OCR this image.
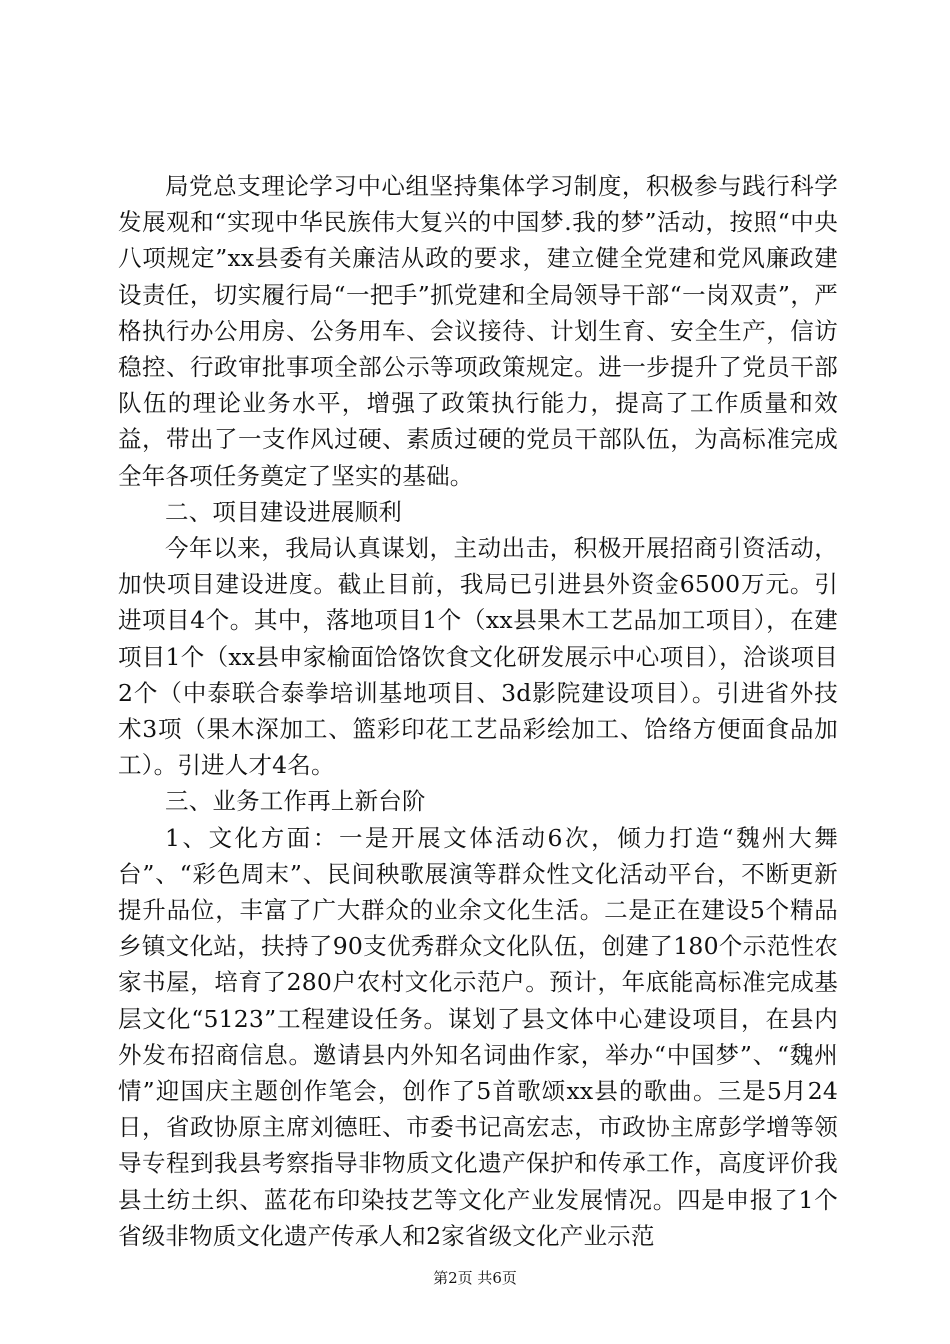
局党总支理论学习中心组坚持集体学习制度，积极参与践行科学发展观和“实现中华民族伟大复兴的中国梦.我的梦”活动，按照“中央八项规定”xx县委有关廉洁从政的要求，建立健全党建和党风廉政建设责任，切实履行局“一把手”抓党建和全局领导干部“一岗双责”，严格执行办公用房、公务用车、会议接待、计划生育、安全生产，信访稳控、行政审批事项全部公示等项政策规定。进一步提升了党员干部队伍的理论业务水平，增强了政策执行能力，提高了工作质量和效益，带出了一支作风过硬、素质过硬的党员干部队伍，为高标准完成全年各项任务奠定了坚实的基础。

二、项目建设进展顺利

今年以来，我局认真谋划，主动出击，积极开展招商引资活动，加快项目建设进度。截止目前，我局已引进县外资金6500万元。引进项目4个。其中，落地项目1个（xx县果木工艺品加工项目），在建项目1个（xx县申家榆面饸饹饮食文化研发展示中心项目），洽谈项目2个（中泰联合泰拳培训基地项目、3d影院建设项目）。引进省外技术3项（果木深加工、篮彩印花工艺品彩绘加工、饸络方便面食品加工）。引进人才4名。

三、业务工作再上新台阶

1、文化方面：一是开展文体活动6次，倾力打造“魏州大舞台”、“彩色周末”、民间秧歌展演等群众性文化活动平台，不断更新提升品位，丰富了广大群众的业余文化生活。二是正在建设5个精品乡镇文化站，扶持了90支优秀群众文化队伍，创建了180个示范性农家书屋，培育了280户农村文化示范户。预计，年底能高标准完成基层文化“5123”工程建设任务。谋划了县文体中心建设项目，在县内外发布招商信息。邀请县内外知名词曲作家，举办“中国梦”、“魏州情”迎国庆主题创作笔会，创作了5首歌颂xx县的歌曲。三是5月24日，省政协原主席刘德旺、市委书记高宏志，市政协主席彭学增等领导专程到我县考察指导非物质文化遗产保护和传承工作，高度评价我县土纺土织、蓝花布印染技艺等文化产业发展情况。四是申报了1个省级非物质文化遗产传承人和2家省级文化产业示范

第2页 共6页
